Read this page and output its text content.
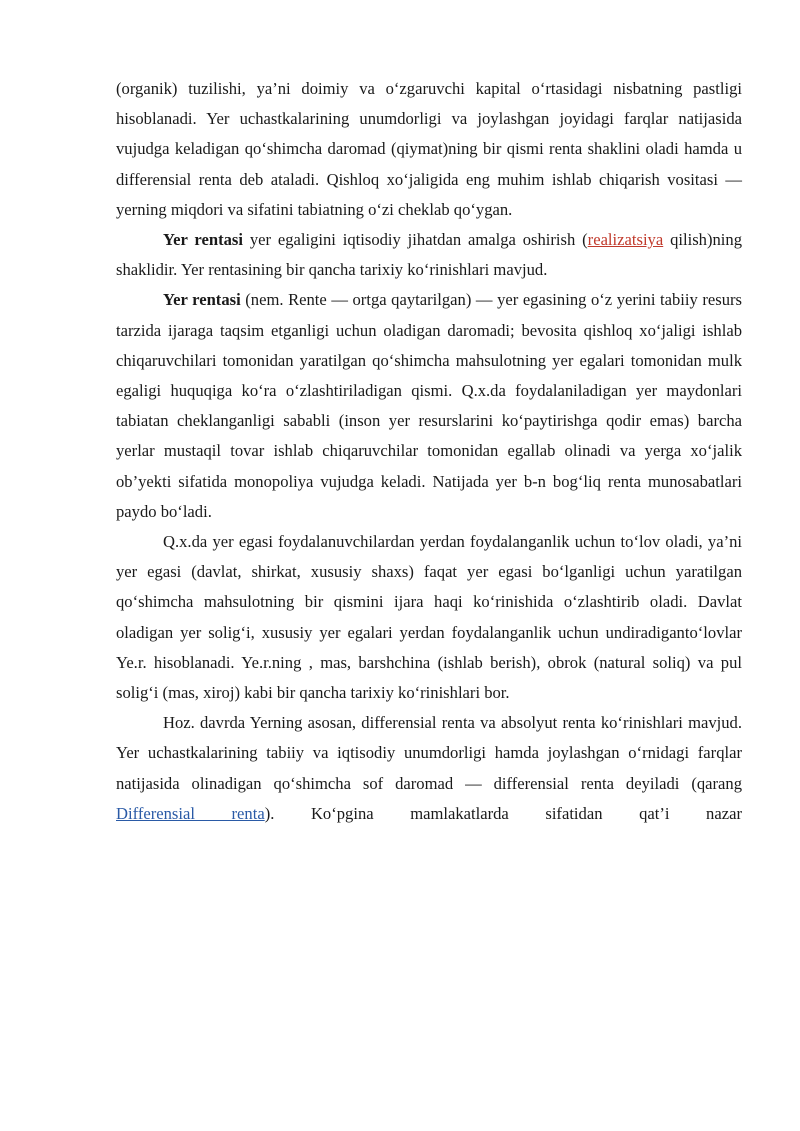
(organik) tuzilishi, ya’ni doimiy va o‘zgaruvchi kapital o‘rtasidagi nisbatning pastligi hisoblanadi. Yer uchastkalarining unumdorligi va joylashgan joyidagi farqlar natijasida vujudga keladigan qo‘shimcha daromad (qiymat)ning bir qismi renta shaklini oladi hamda u differensial renta deb ataladi. Qishloq xo‘jaligida eng muhim ishlab chiqarish vositasi — yerning miqdori va sifatini tabiatning o‘zi cheklab qo‘ygan.

Yer rentasi yer egaligini iqtisodiy jihatdan amalga oshirish (realizatsiya qilish)ning shaklidir. Yer rentasining bir qancha tarixiy ko‘rinishlari mavjud.

Yer rentasi (nem. Rente — ortga qaytarilgan) — yer egasining o‘z yerini tabiiy resurs tarzida ijaraga taqsim etganligi uchun oladigan daromadi; bevosita qishloq xo‘jaligi ishlab chiqaruvchilari tomonidan yaratilgan qo‘shimcha mahsulotning yer egalari tomonidan mulk egaligi huquqiga ko‘ra o‘zlashtiriladigan qismi. Q.x.da foydalaniladigan yer maydonlari tabiatan cheklanganligi sababli (inson yer resurslarini ko‘paytirishga qodir emas) barcha yerlar mustaqil tovar ishlab chiqaruvchilar tomonidan egallab olinadi va yerga xo‘jalik ob’yekti sifatida monopoliya vujudga keladi. Natijada yer b-n bog‘liq renta munosabatlari paydo bo‘ladi.

Q.x.da yer egasi foydalanuvchilardan yerdan foydalanganlik uchun to‘lov oladi, ya’ni yer egasi (davlat, shirkat, xususiy shaxs) faqat yer egasi bo‘lganligi uchun yaratilgan qo‘shimcha mahsulotning bir qismini ijara haqi ko‘rinishida o‘zlashtirib oladi. Davlat oladigan yer solig‘i, xususiy yer egalari yerdan foydalanganlik uchun undiradiganto‘lovlar Ye.r. hisoblanadi. Ye.r.ning , mas, barshchina (ishlab berish), obrok (natural soliq) va pul solig‘i (mas, xiroj) kabi bir qancha tarixiy ko‘rinishlari bor.

Hoz. davrda Yerning asosan, differensial renta va absolyut renta ko‘rinishlari mavjud. Yer uchastkalarining tabiiy va iqtisodiy unumdorligi hamda joylashgan o‘rnidagi farqlar natijasida olinadigan qo‘shimcha sof daromad — differensial renta deyiladi (qarang Differensial renta). Ko‘pgina mamlakatlarda sifatidan qat’i nazar
